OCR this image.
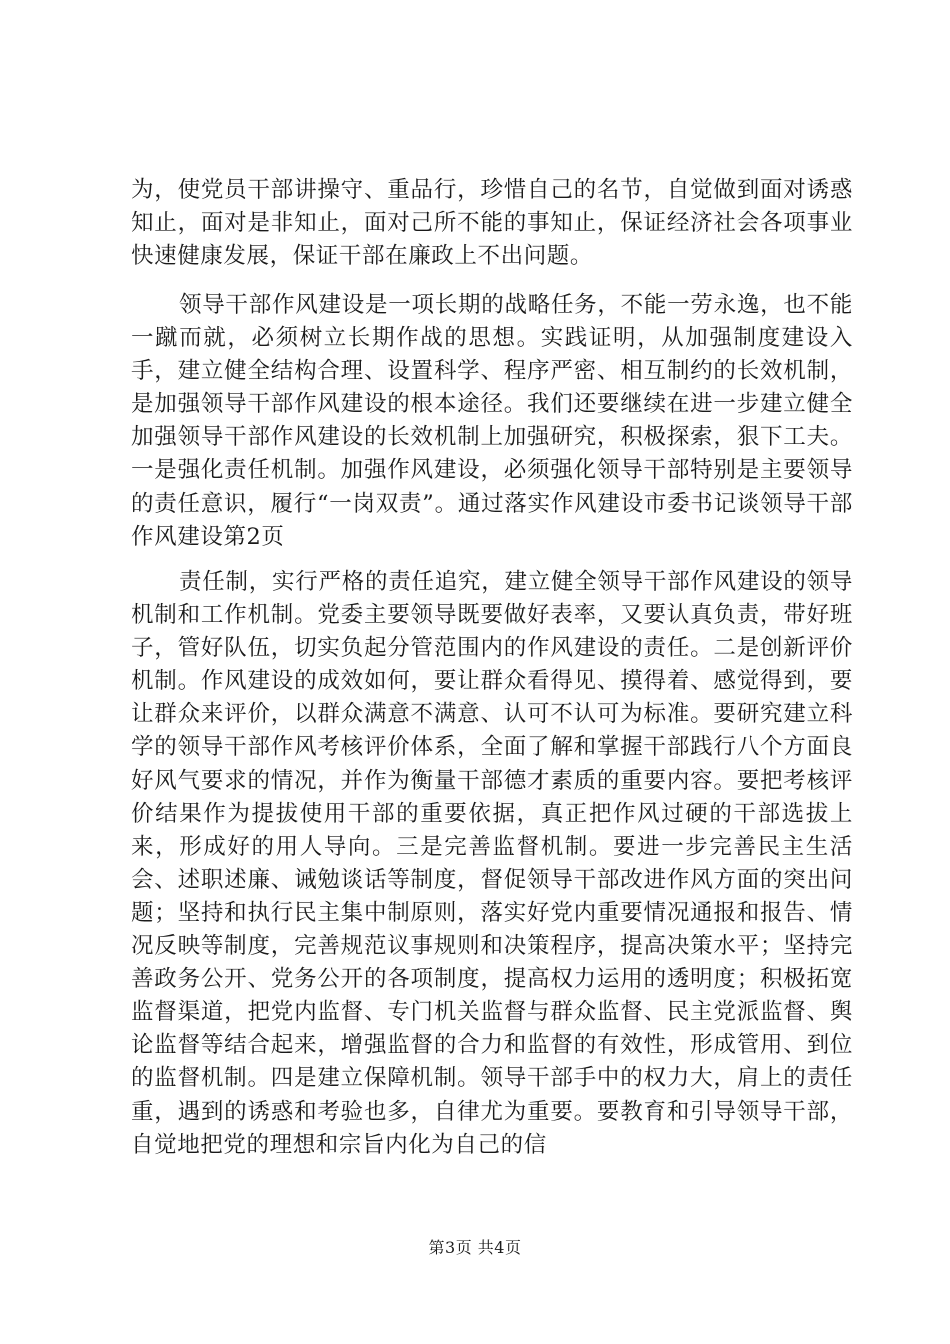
为，使党员干部讲操守、重品行，珍惜自己的名节，自觉做到面对诱惑知止，面对是非知止，面对己所不能的事知止，保证经济社会各项事业快速健康发展，保证干部在廉政上不出问题。

领导干部作风建设是一项长期的战略任务，不能一劳永逸，也不能一蹴而就，必须树立长期作战的思想。实践证明，从加强制度建设入手，建立健全结构合理、设置科学、程序严密、相互制约的长效机制，是加强领导干部作风建设的根本途径。我们还要继续在进一步建立健全加强领导干部作风建设的长效机制上加强研究，积极探索，狠下工夫。一是强化责任机制。加强作风建设，必须强化领导干部特别是主要领导的责任意识，履行“一岗双责”。通过落实作风建设市委书记谈领导干部作风建设第2页

责任制，实行严格的责任追究，建立健全领导干部作风建设的领导机制和工作机制。党委主要领导既要做好表率，又要认真负责，带好班子，管好队伍，切实负起分管范围内的作风建设的责任。二是创新评价机制。作风建设的成效如何，要让群众看得见、摸得着、感觉得到，要让群众来评价，以群众满意不满意、认可不认可为标准。要研究建立科学的领导干部作风考核评价体系，全面了解和掌握干部践行八个方面良好风气要求的情况，并作为衡量干部德才素质的重要内容。要把考核评价结果作为提拔使用干部的重要依据，真正把作风过硬的干部选拔上来，形成好的用人导向。三是完善监督机制。要进一步完善民主生活会、述职述廉、诫勉谈话等制度，督促领导干部改进作风方面的突出问题；坚持和执行民主集中制原则，落实好党内重要情况通报和报告、情况反映等制度，完善规范议事规则和决策程序，提高决策水平；坚持完善政务公开、党务公开的各项制度，提高权力运用的透明度；积极拓宽监督渠道，把党内监督、专门机关监督与群众监督、民主党派监督、舆论监督等结合起来，增强监督的合力和监督的有效性，形成管用、到位的监督机制。四是建立保障机制。领导干部手中的权力大，肩上的责任重，遇到的诱惑和考验也多，自律尤为重要。要教育和引导领导干部，自觉地把党的理想和宗旨内化为自己的信

第3页 共4页
